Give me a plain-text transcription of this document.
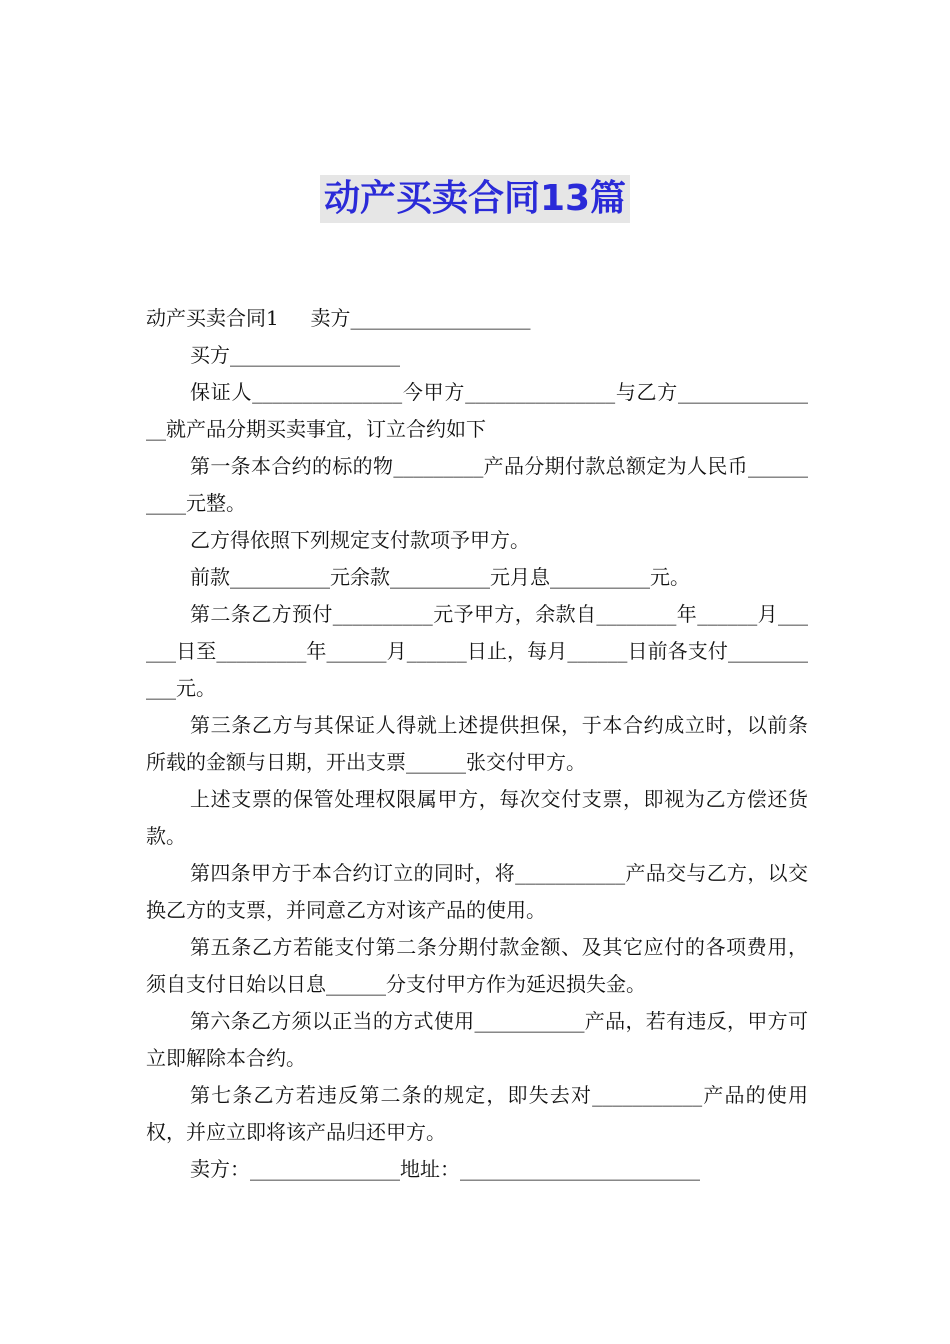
动产买卖合同13篇

动产买卖合同1     卖方__________________

买方_________________

保证人_______________今甲方_______________与乙方_______________就产品分期买卖事宜，订立合约如下

第一条本合约的标的物_________产品分期付款总额定为人民币__________元整。

乙方得依照下列规定支付款项予甲方。

前款__________元余款__________元月息__________元。

第二条乙方预付__________元予甲方，余款自________年______月______日至_________年______月______日止，每月______日前各支付___________元。

第三条乙方与其保证人得就上述提供担保，于本合约成立时，以前条所载的金额与日期，开出支票______张交付甲方。

上述支票的保管处理权限属甲方，每次交付支票，即视为乙方偿还货款。

第四条甲方于本合约订立的同时，将___________产品交与乙方，以交换乙方的支票，并同意乙方对该产品的使用。

第五条乙方若能支付第二条分期付款金额、及其它应付的各项费用，须自支付日始以日息______分支付甲方作为延迟损失金。

第六条乙方须以正当的方式使用___________产品，若有违反，甲方可立即解除本合约。

第七条乙方若违反第二条的规定，即失去对___________产品的使用权，并应立即将该产品归还甲方。

卖方：_______________地址：________________________
